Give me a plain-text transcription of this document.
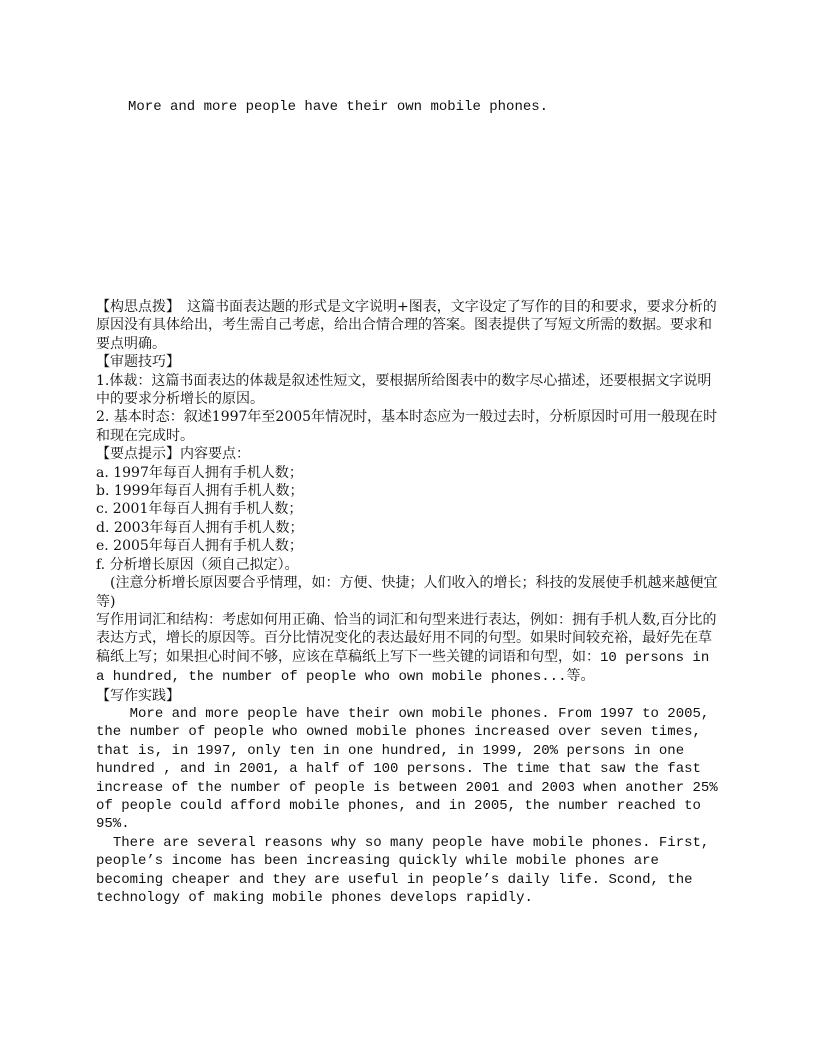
More and more people have their own mobile phones.

【构思点拨】　这篇书面表达题的形式是文字说明+图表，文字设定了写作的目的和要求，要求分析的原因没有具体给出，考生需自己考虑，给出合情合理的答案。图表提供了写短文所需的数据。要求和要点明确。

【审题技巧】

1.体裁：这篇书面表达的体裁是叙述性短文，要根据所给图表中的数字尽心描述，还要根据文字说明中的要求分析增长的原因。

2. 基本时态：叙述1997年至2005年情况时，基本时态应为一般过去时，分析原因时可用一般现在时和现在完成时。

【要点提示】内容要点：

a. 1997年每百人拥有手机人数；

b. 1999年每百人拥有手机人数；

c. 2001年每百人拥有手机人数；

d. 2003年每百人拥有手机人数；

e. 2005年每百人拥有手机人数；

f. 分析增长原因（须自己拟定）。

　(注意分析增长原因要合乎情理，如：方便、快捷；人们收入的增长；科技的发展使手机越来越便宜等)

写作用词汇和结构：考虑如何用正确、恰当的词汇和句型来进行表达，例如：拥有手机人数,百分比的表达方式，增长的原因等。百分比情况变化的表达最好用不同的句型。如果时间较充裕，最好先在草稿纸上写；如果担心时间不够，应该在草稿纸上写下一些关键的词语和句型，如：10 persons in a hundred, the number of people who own mobile phones...等。

【写作实践】

More and more people have their own mobile phones. From 1997 to 2005, the number of people who owned mobile phones increased over seven times, that is, in 1997, only ten in one hundred, in 1999, 20% persons in one hundred , and in 2001, a half of 100 persons. The time that saw the fast increase of the number of people is between 2001 and 2003 when another 25% of people could afford mobile phones, and in 2005, the number reached to 95%.

There are several reasons why so many people have mobile phones. First, people’s income has been increasing quickly while mobile phones are becoming cheaper and they are useful in people’s daily life. Scond, the technology of making mobile phones develops rapidly.
